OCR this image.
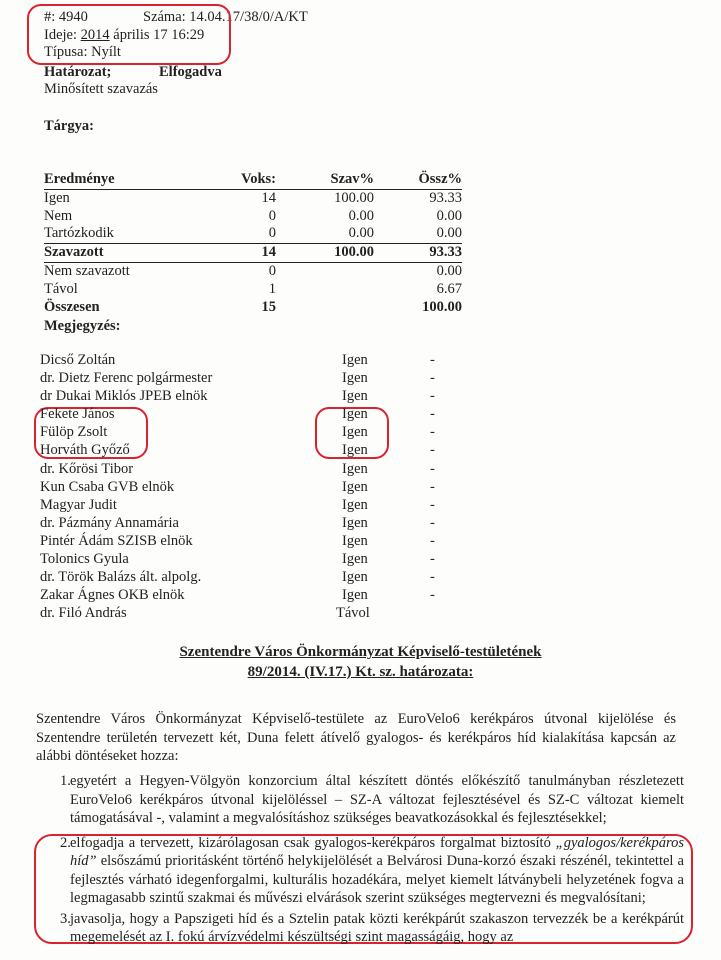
#: 4940	Száma: 14.04.17/38/0/A/KT
Ideje: 2014 április 17 16:29
Típusa: Nyílt
Határozat;	Elfogadva
Minősített szavazás
Tárgya:
Eredménye	Voks:	Szav%	Össz%
Igen	14	100.00	93.33
Nem	0	0.00	0.00
Tartózkodik	0	0.00	0.00
Szavazott	14	100.00	93.33
Nem szavazott	0		0.00
Távol	1		6.67
Összesen	15		100.00
Megjegyzés:
Dicső Zoltán	Igen	-
dr. Dietz Ferenc polgármester	Igen	-
dr Dukai Miklós JPEB elnök	Igen	-
Fekete János	Igen	-
Fülöp Zsolt	Igen	-
Horváth Győző	Igen	-
dr. Kőrösi Tibor	Igen	-
Kun Csaba GVB elnök	Igen	-
Magyar Judit	Igen	-
dr. Pázmány Annamária	Igen	-
Pintér Ádám SZISB elnök	Igen	-
Tolonics Gyula	Igen	-
dr. Török Balázs ált. alpolg.	Igen	-
Zakar Ágnes OKB elnök	Igen	-
dr. Filó András	Távol
Szentendre Város Önkormányzat Képviselő-testületének
89/2014. (IV.17.) Kt. sz. határozata:
Szentendre Város Önkormányzat Képviselő-testülete az EuroVelo6 kerékpáros útvonal kijelölése és Szentendre területén tervezett két, Duna felett átívelő gyalogos- és kerékpáros híd kialakítása kapcsán az alábbi döntéseket hozza:
1. egyetért a Hegyen-Völgyön konzorcium által készített döntés előkészítő tanulmányban részletezett EuroVelo6 kerékpáros útvonal kijelöléssel – SZ-A változat fejlesztésével és SZ-C változat kiemelt támogatásával -, valamint a megvalósításhoz szükséges beavatkozásokkal és fejlesztésekkel;
2. elfogadja a tervezett, kizárólagosan csak gyalogos-kerékpáros forgalmat biztosító „gyalogos/kerékpáros híd” elsőszámú prioritásként történő helykijelölését a Belvárosi Duna-korzó északi részénél, tekintettel a fejlesztés várható idegenforgalmi, kulturális hozadékára, melyet kiemelt látványbeli helyzetének fogva a legmagasabb szintű szakmai és művészi elvárások szerint szükséges megtervezni és megvalósítani;
3. javasolja, hogy a Papszigeti híd és a Sztelin patak közti kerékpárút szakaszon tervezzék be a kerékpárút megemelését az I. fokú árvízvédelmi készültségi szint magasságáig, hogy az
